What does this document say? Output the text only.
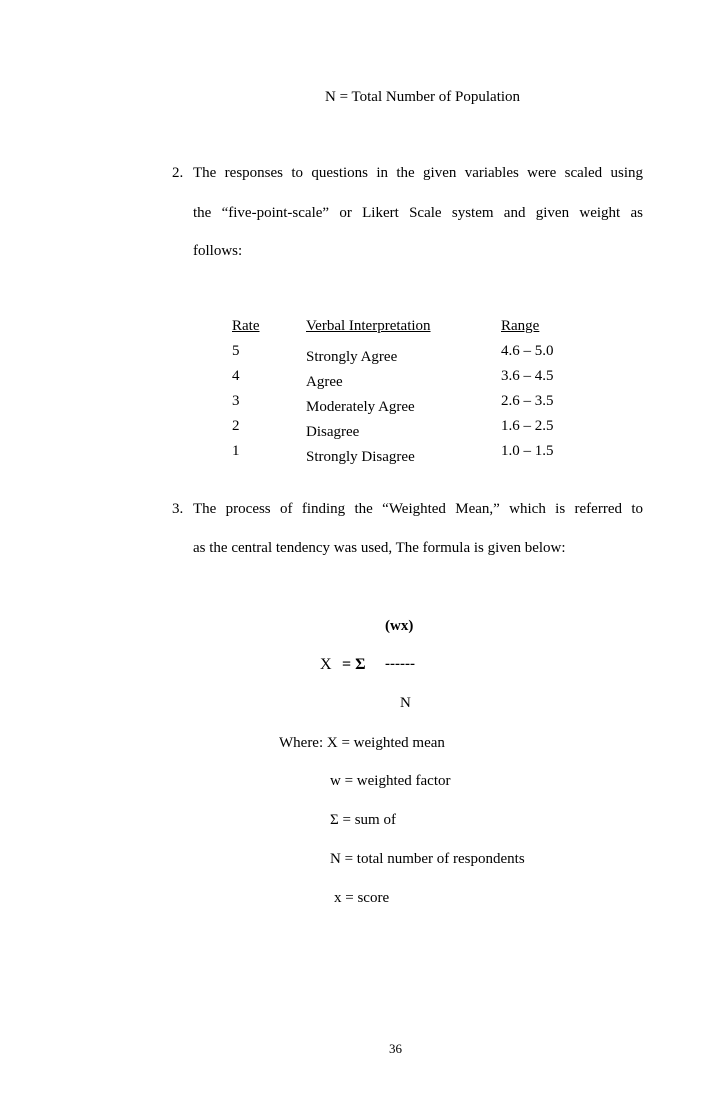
N = Total Number of Population
2. The responses to questions in the given variables were scaled using
the “five-point-scale” or Likert Scale system and given weight as
follows:
Rate	Verbal Interpretation	Range
5	Strongly Agree	4.6 – 5.0
4	Agree	3.6 – 4.5
3	Moderately Agree	2.6 – 3.5
2	Disagree	1.6 – 2.5
1	Strongly Disagree	1.0 – 1.5
3. The process of finding the “Weighted Mean,” which is referred to
as the central tendency was used, The formula is given below:
(wx)
X = Σ ------
N
Where: X = weighted mean
w = weighted factor
Σ = sum of
N = total number of respondents
x = score
36
